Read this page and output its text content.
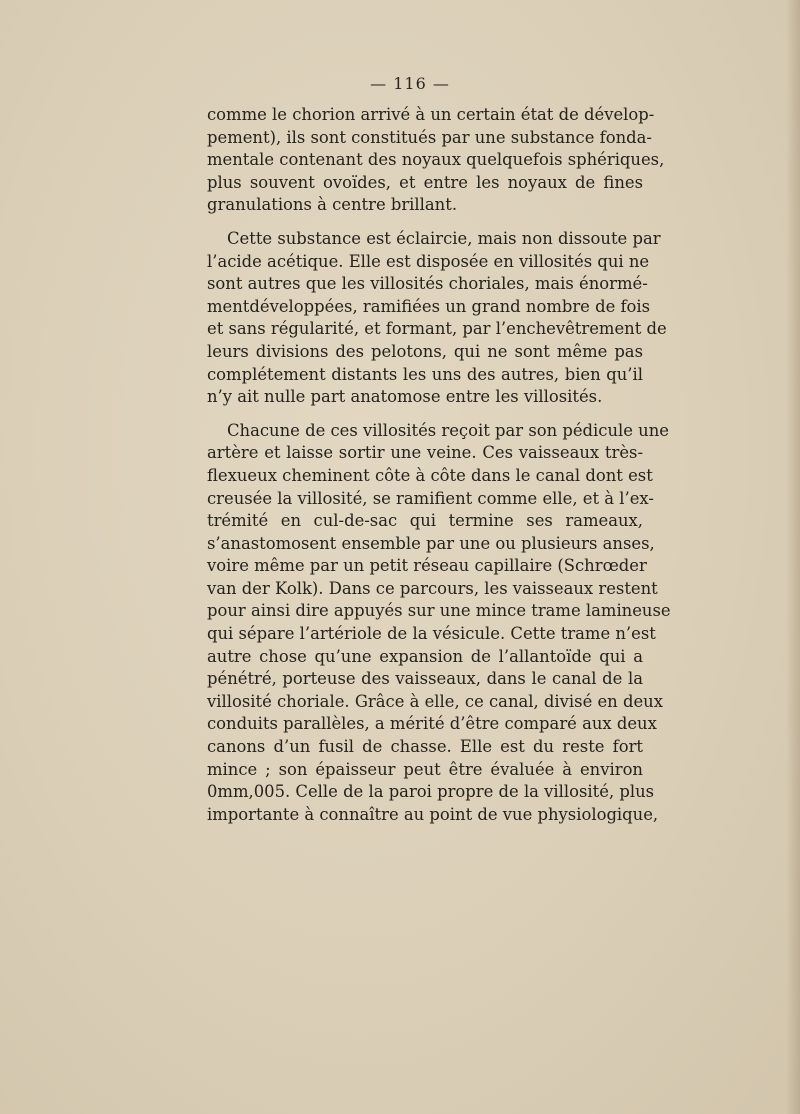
— 116 —

comme le chorion arrivé à un certain état de dévelop-
pement), ils sont constitués par une substance fonda-
mentale contenant des noyaux quelquefois sphériques,
plus souvent ovoïdes, et entre les noyaux de fines
granulations à centre brillant.

Cette substance est éclaircie, mais non dissoute par
l’acide acétique. Elle est disposée en villosités qui ne
sont autres que les villosités choriales, mais énormé-
mentdéveloppées, ramifiées un grand nombre de fois
et sans régularité, et formant, par l’enchevêtrement de
leurs divisions des pelotons, qui ne sont même pas
complétement distants les uns des autres, bien qu’il
n’y ait nulle part anatomose entre les villosités.

Chacune de ces villosités reçoit par son pédicule une
artère et laisse sortir une veine. Ces vaisseaux très-
flexueux cheminent côte à côte dans le canal dont est
creusée la villosité, se ramifient comme elle, et à l’ex-
trémité en cul-de-sac qui termine ses rameaux,
s’anastomosent ensemble par une ou plusieurs anses,
voire même par un petit réseau capillaire (Schrœder
van der Kolk). Dans ce parcours, les vaisseaux restent
pour ainsi dire appuyés sur une mince trame lamineuse
qui sépare l’artériole de la vésicule. Cette trame n’est
autre chose qu’une expansion de l’allantoïde qui a
pénétré, porteuse des vaisseaux, dans le canal de la
villosité choriale. Grâce à elle, ce canal, divisé en deux
conduits parallèles, a mérité d’être comparé aux deux
canons d’un fusil de chasse. Elle est du reste fort
mince ; son épaisseur peut être évaluée à environ
0mm,005. Celle de la paroi propre de la villosité, plus
importante à connaître au point de vue physiologique,
